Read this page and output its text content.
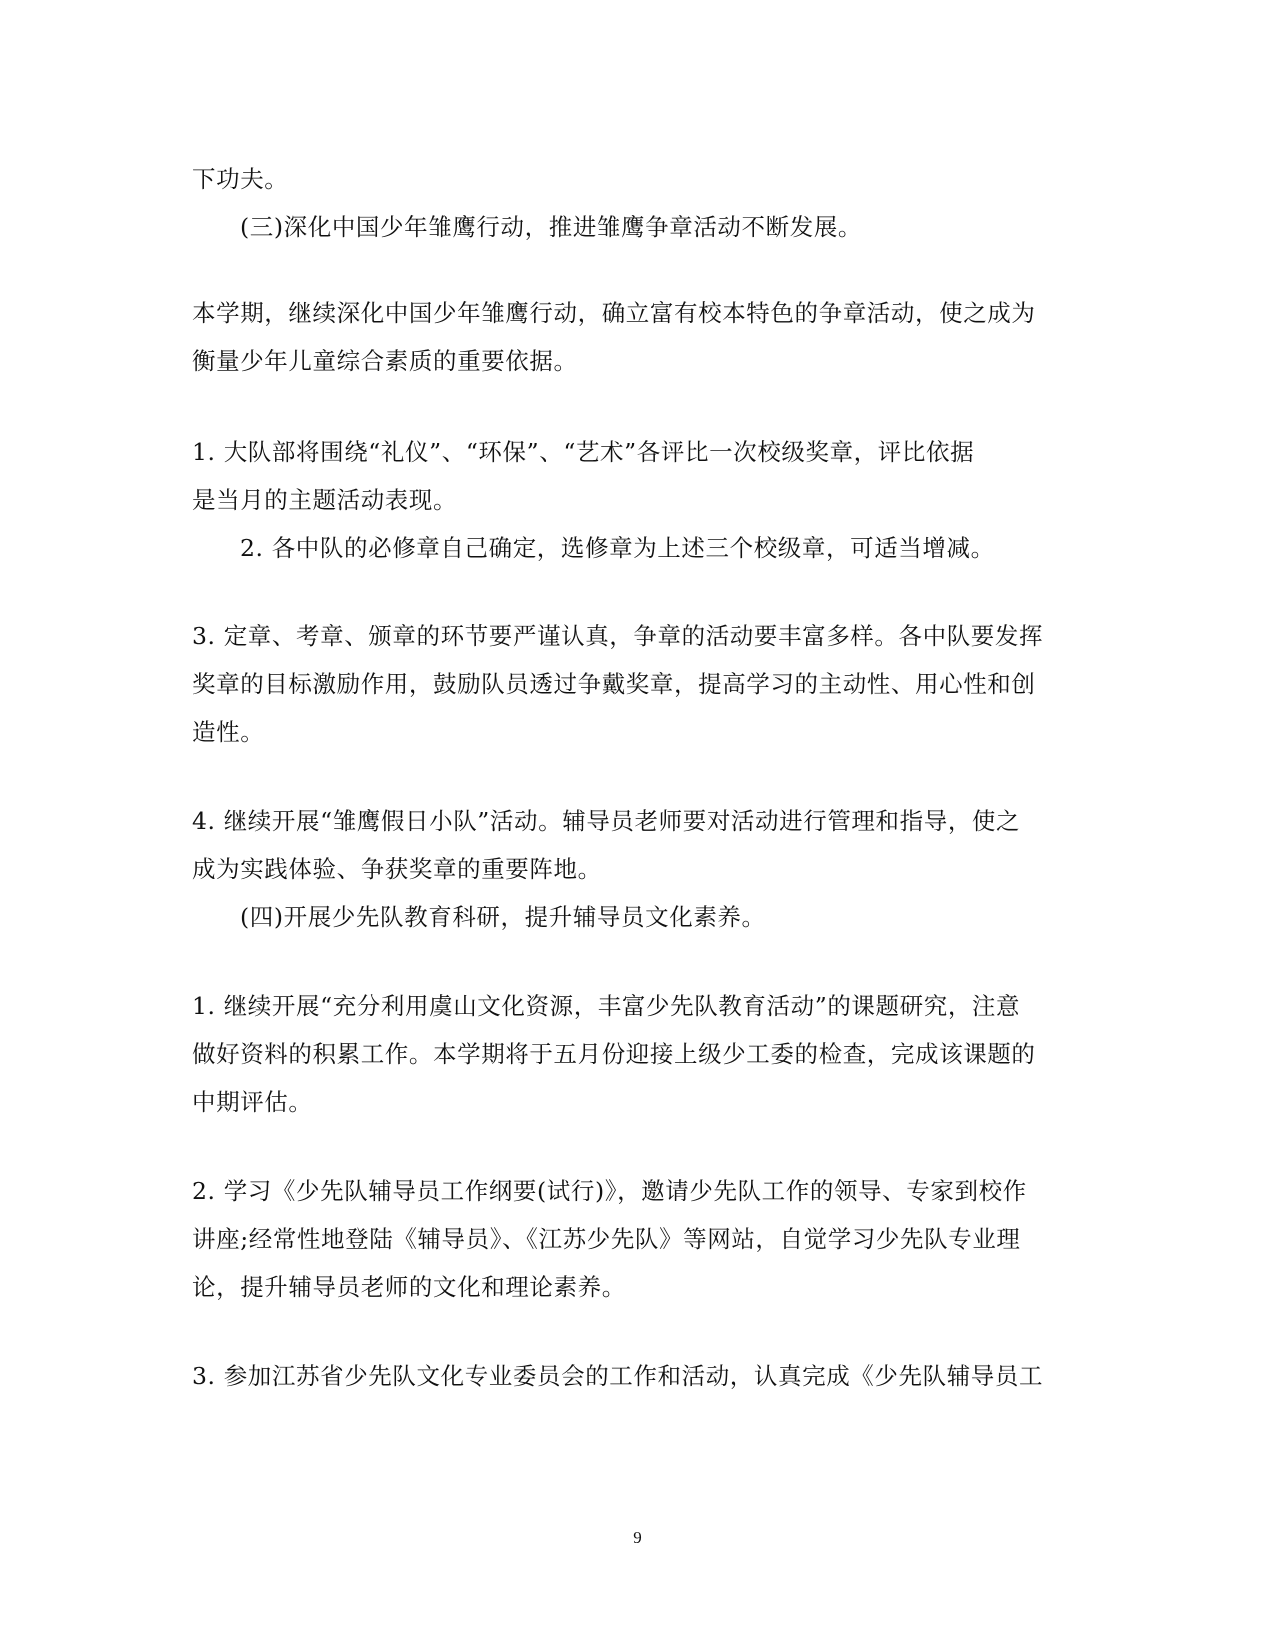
下功夫。
(三)深化中国少年雏鹰行动，推进雏鹰争章活动不断发展。
本学期，继续深化中国少年雏鹰行动，确立富有校本特色的争章活动，使之成为
衡量少年儿童综合素质的重要依据。
1. 大队部将围绕“礼仪”、“环保”、“艺术”各评比一次校级奖章，评比依据
是当月的主题活动表现。
2. 各中队的必修章自己确定，选修章为上述三个校级章，可适当增减。
3. 定章、考章、颁章的环节要严谨认真，争章的活动要丰富多样。各中队要发挥
奖章的目标激励作用，鼓励队员透过争戴奖章，提高学习的主动性、用心性和创
造性。
4. 继续开展“雏鹰假日小队”活动。辅导员老师要对活动进行管理和指导，使之
成为实践体验、争获奖章的重要阵地。
(四)开展少先队教育科研，提升辅导员文化素养。
1. 继续开展“充分利用虞山文化资源，丰富少先队教育活动”的课题研究，注意
做好资料的积累工作。本学期将于五月份迎接上级少工委的检查，完成该课题的
中期评估。
2. 学习《少先队辅导员工作纲要(试行)》，邀请少先队工作的领导、专家到校作
讲座;经常性地登陆《辅导员》、《江苏少先队》等网站，自觉学习少先队专业理
论，提升辅导员老师的文化和理论素养。
3. 参加江苏省少先队文化专业委员会的工作和活动，认真完成《少先队辅导员工
9
